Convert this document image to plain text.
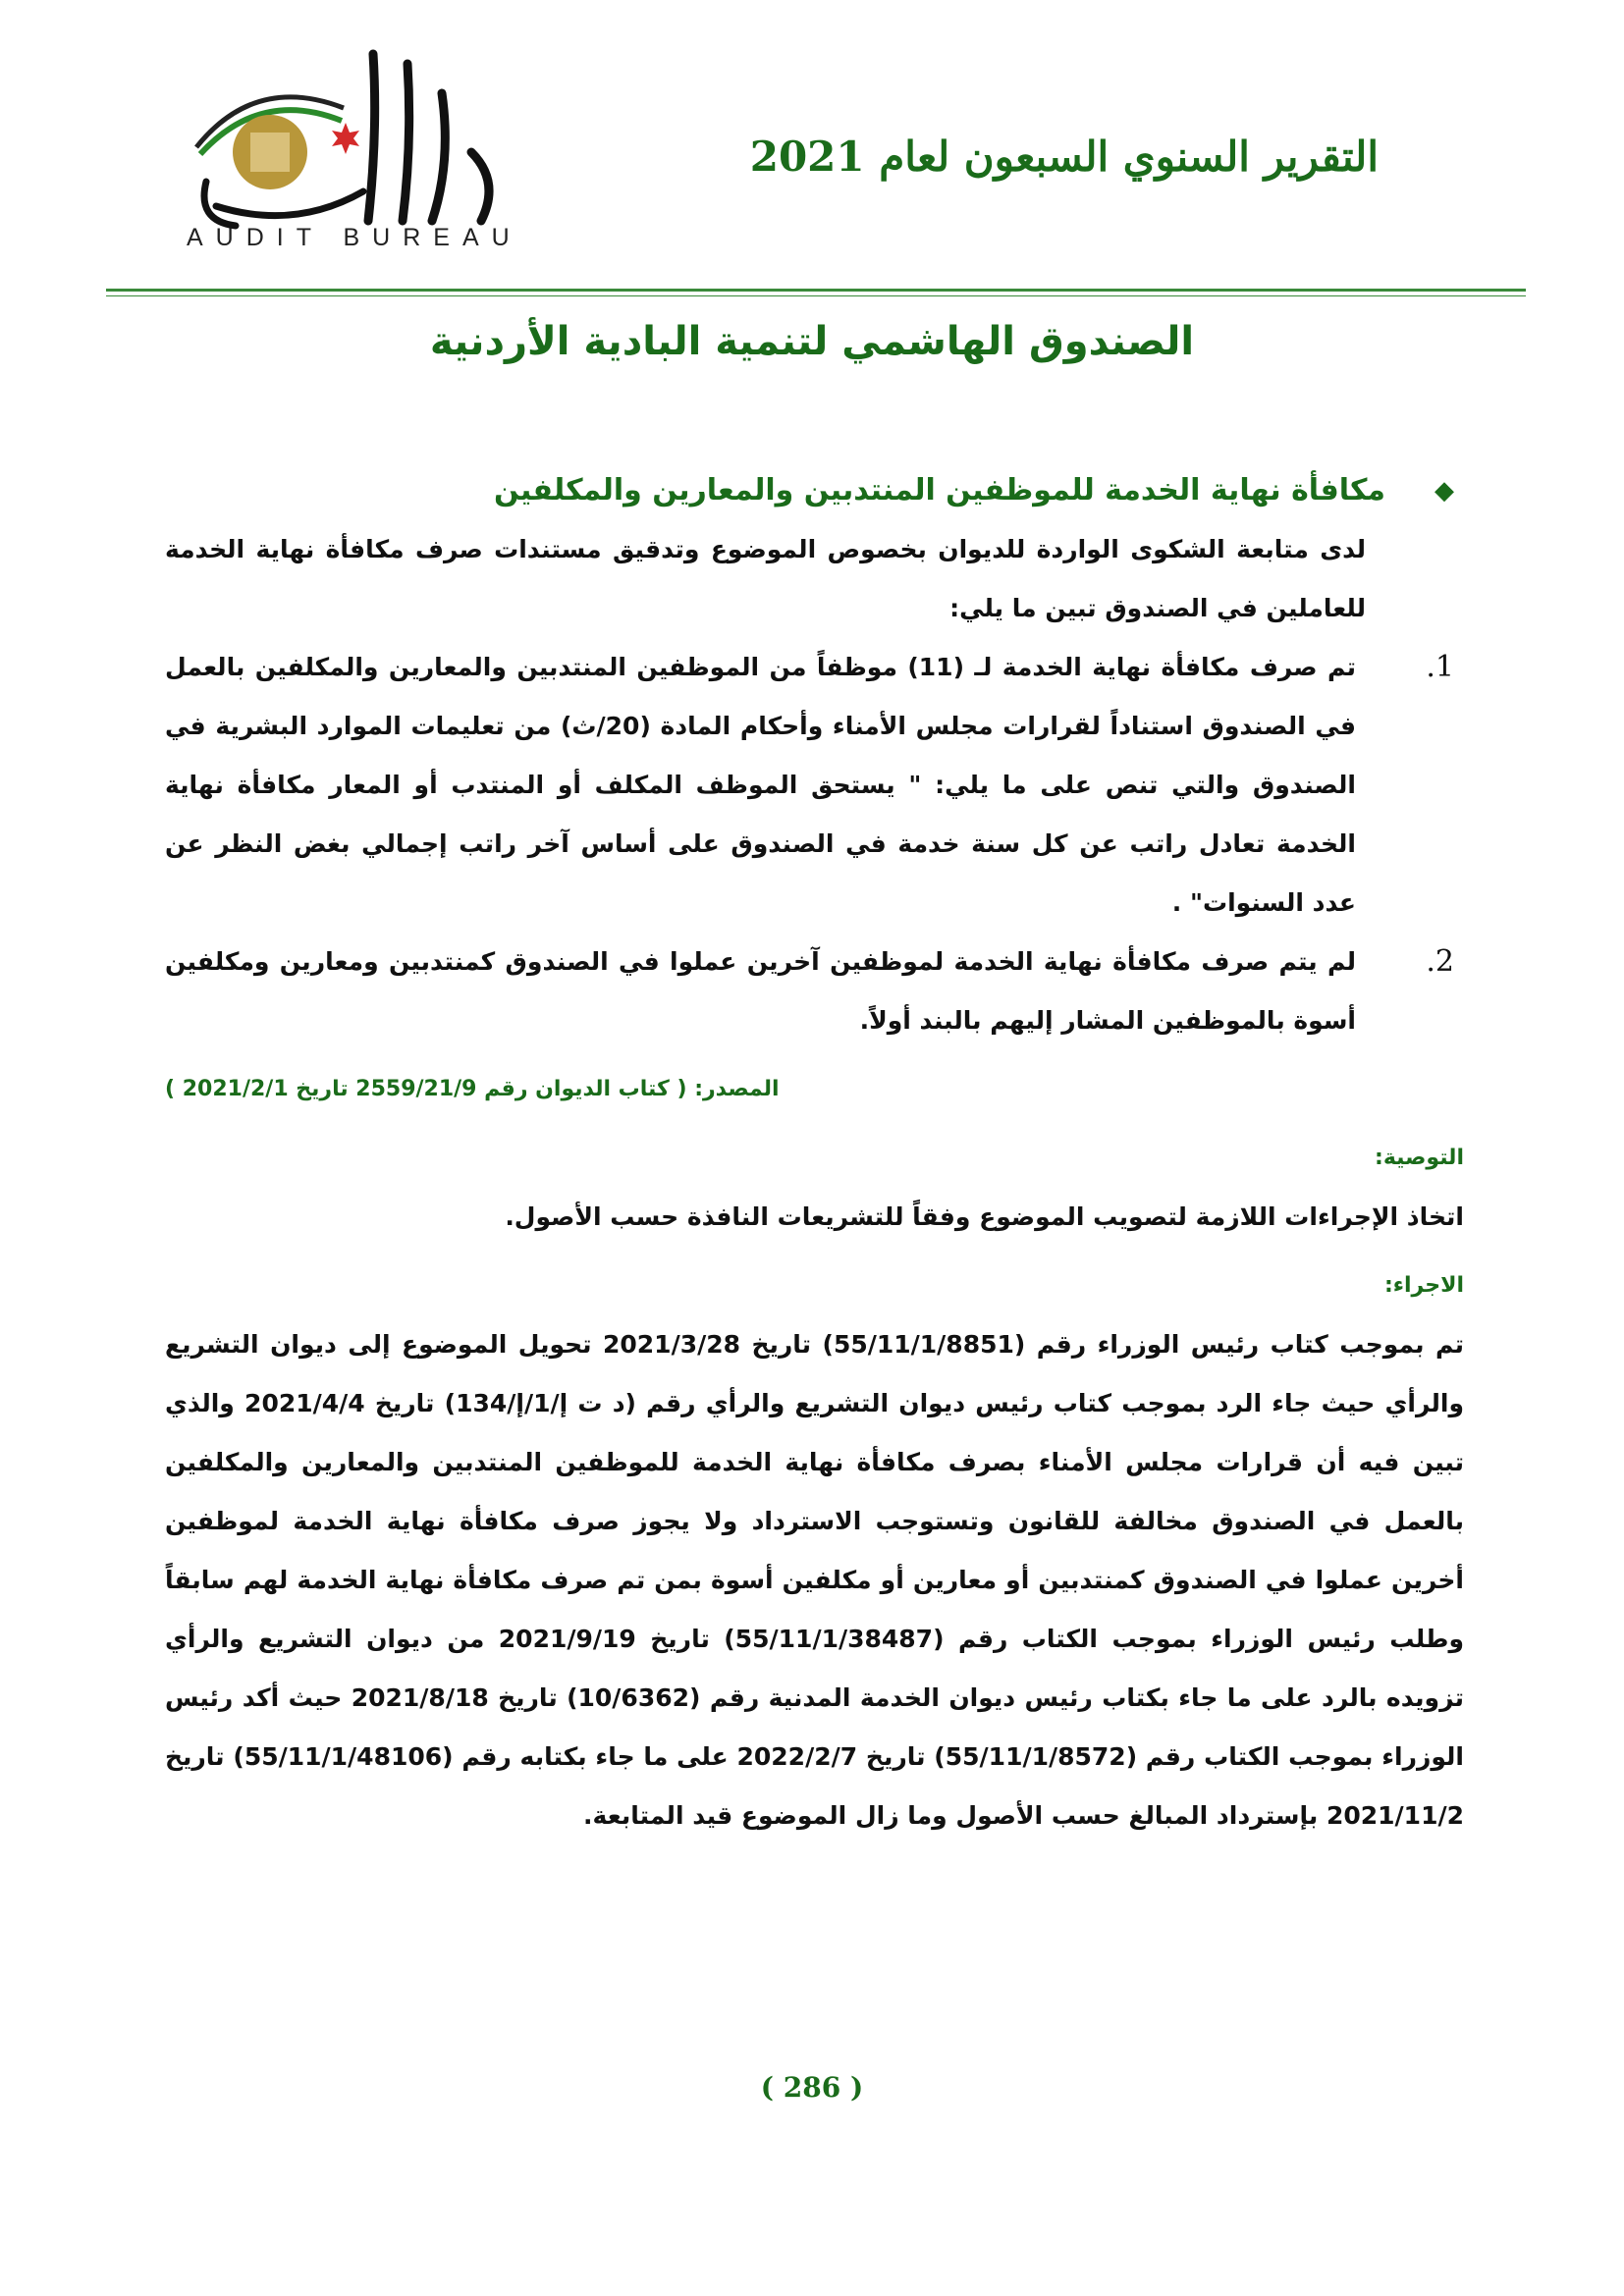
AUDIT BUREAU
التقرير السنوي السبعون لعام 2021
الصندوق الهاشمي لتنمية البادية الأردنية
◆
مكافأة نهاية الخدمة للموظفين المنتدبين والمعارين والمكلفين

لدى متابعة الشكوى الواردة للديوان بخصوص الموضوع وتدقيق مستندات صرف مكافأة نهاية الخدمة للعاملين في الصندوق تبين ما يلي:

1.

تم صرف مكافأة نهاية الخدمة لـ (11) موظفاً من الموظفين المنتدبين والمعارين والمكلفين بالعمل في الصندوق استناداً لقرارات مجلس الأمناء وأحكام المادة (20/ث) من تعليمات الموارد البشرية في الصندوق والتي تنص على ما يلي: " يستحق الموظف المكلف أو المنتدب أو المعار مكافأة نهاية الخدمة تعادل راتب عن كل سنة خدمة في الصندوق على أساس آخر راتب إجمالي بغض النظر عن عدد السنوات" .

2.

لم يتم صرف مكافأة نهاية الخدمة لموظفين آخرين عملوا في الصندوق كمنتدبين ومعارين ومكلفين أسوة بالموظفين المشار إليهم بالبند أولاً.

المصدر: ( كتاب الديوان رقم 2559/21/9 تاريخ 2021/2/1 )
التوصية:

اتخاذ الإجراءات اللازمة لتصويب الموضوع وفقاً للتشريعات النافذة حسب الأصول.

الاجراء:

تم بموجب كتاب رئيس الوزراء رقم (55/11/1/8851) تاريخ 2021/3/28 تحويل الموضوع إلى ديوان التشريع والرأي حيث جاء الرد بموجب كتاب رئيس ديوان التشريع والرأي رقم (د ت إ/1/إ/134) تاريخ 2021/4/4 والذي تبين فيه أن قرارات مجلس الأمناء بصرف مكافأة نهاية الخدمة للموظفين المنتدبين والمعارين والمكلفين بالعمل في الصندوق مخالفة للقانون وتستوجب الاسترداد ولا يجوز صرف مكافأة نهاية الخدمة لموظفين أخرين عملوا في الصندوق كمنتدبين أو معارين أو مكلفين أسوة بمن تم صرف مكافأة نهاية الخدمة لهم سابقاً وطلب رئيس الوزراء بموجب الكتاب رقم (55/11/1/38487) تاريخ 2021/9/19 من ديوان التشريع والرأي تزويده بالرد على ما جاء بكتاب رئيس ديوان الخدمة المدنية رقم (10/6362) تاريخ 2021/8/18 حيث أكد رئيس الوزراء بموجب الكتاب رقم (55/11/1/8572) تاريخ 2022/2/7 على ما جاء بكتابه رقم (55/11/1/48106) تاريخ 2021/11/2 بإسترداد المبالغ حسب الأصول وما زال الموضوع قيد المتابعة.

( 286 )
